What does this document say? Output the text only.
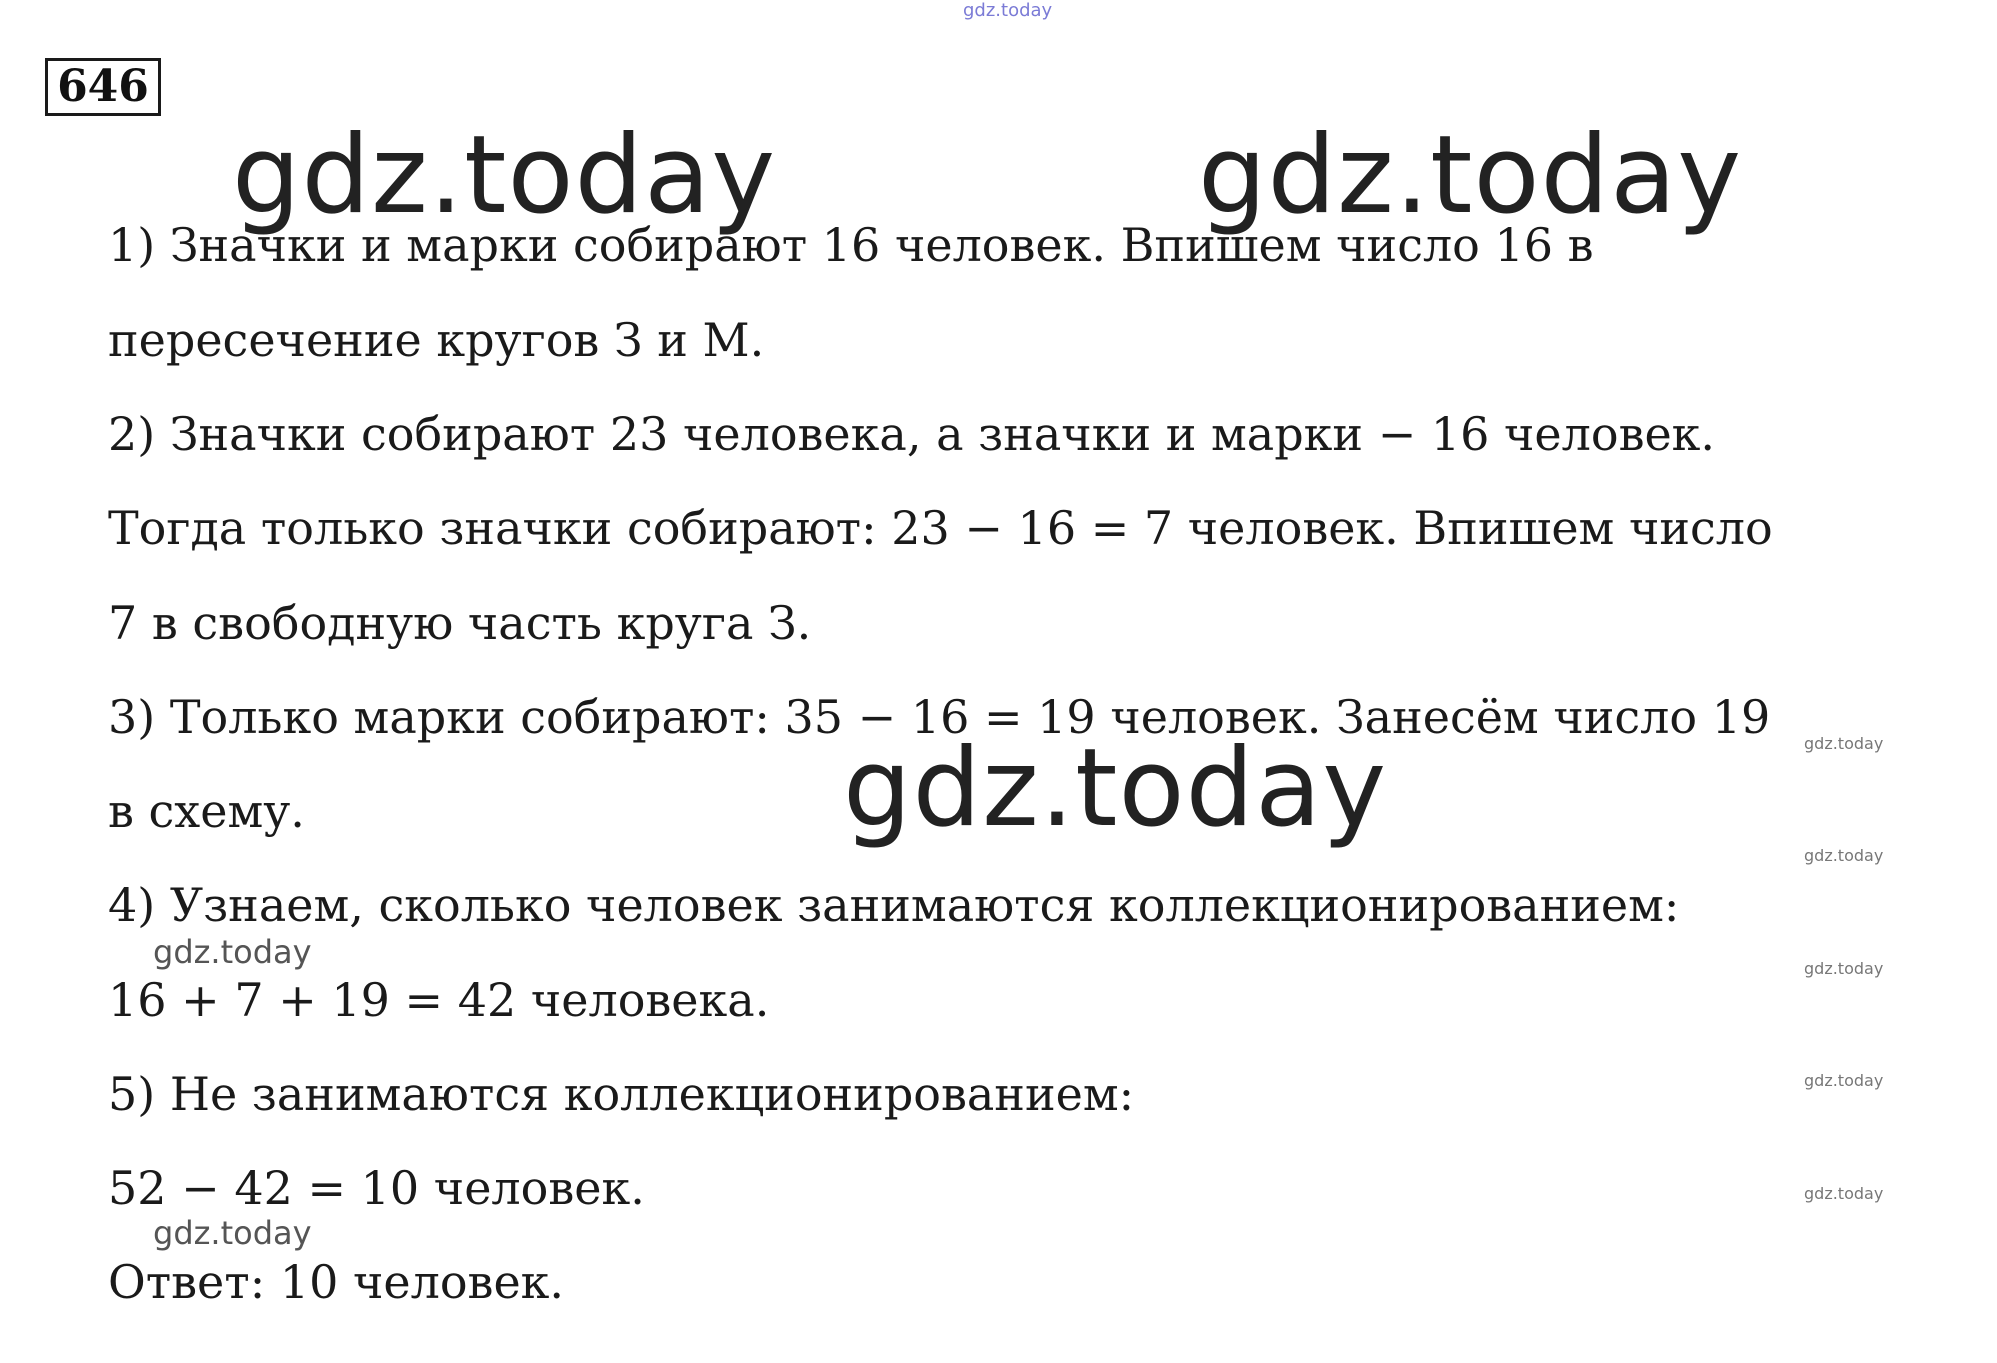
gdz.today
646
gdz.today	gdz.today
1) Значки и марки собирают 16 человек. Впишем число 16 в
пересечение кругов З и М.
2) Значки собирают 23 человека, а значки и марки − 16 человек.
Тогда только значки собирают: 23 − 16 = 7 человек. Впишем число
7 в свободную часть круга З.
3) Только марки собирают: 35 − 16 = 19 человек. Занесём число 19
в схему.
4) Узнаем, сколько человек занимаются коллекционированием:
16 + 7 + 19 = 42 человека.
5) Не занимаются коллекционированием:
52 − 42 = 10 человек.
Ответ: 10 человек.
gdz.today
gdz.today
gdz.today
gdz.today
gdz.today
gdz.today
gdz.today
gdz.today
